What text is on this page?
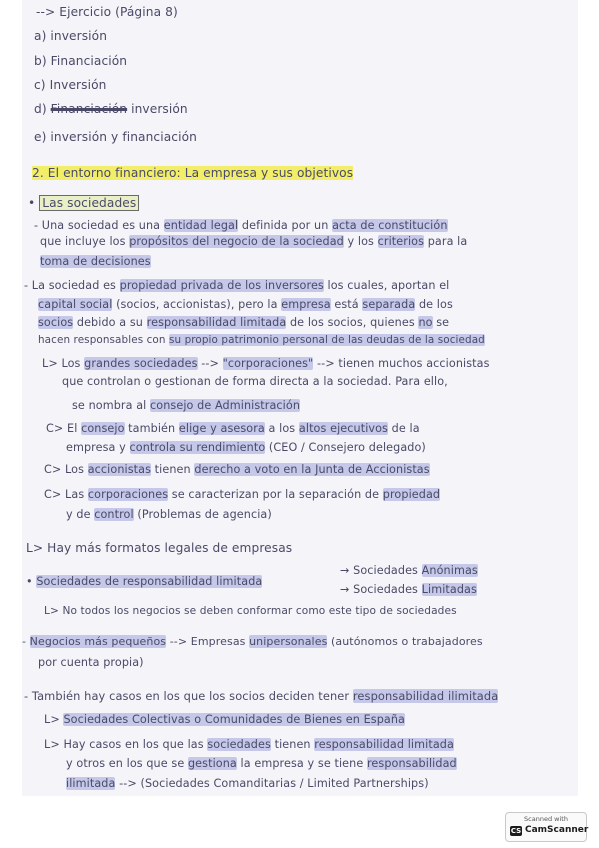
--> Ejercicio (Página 8)
a) inversión
b) Financiación
c) Inversión
d) Financiación inversión
e) inversión y financiación
2. El entorno financiero: La empresa y sus objetivos
• Las sociedades
- Una sociedad es una entidad legal definida por un acta de constitución
que incluye los propósitos del negocio de la sociedad y los criterios para la
toma de decisiones
- La sociedad es propiedad privada de los inversores los cuales, aportan el
capital social (socios, accionistas), pero la empresa está separada de los
socios debido a su responsabilidad limitada de los socios, quienes no se
hacen responsables con su propio patrimonio personal de las deudas de la sociedad
L> Los grandes sociedades --> "corporaciones" --> tienen muchos accionistas
que controlan o gestionan de forma directa a la sociedad. Para ello,
se nombra al consejo de Administración
C> El consejo también elige y asesora a los altos ejecutivos de la
empresa y controla su rendimiento (CEO / Consejero delegado)
C> Los accionistas tienen derecho a voto en la Junta de Accionistas
C> Las corporaciones se caracterizan por la separación de propiedad
y de control (Problemas de agencia)
L> Hay más formatos legales de empresas
• Sociedades de responsabilidad limitada
→ Sociedades Anónimas
→ Sociedades Limitadas
L> No todos los negocios se deben conformar como este tipo de sociedades
- Negocios más pequeños --> Empresas unipersonales (autónomos o trabajadores
por cuenta propia)
- También hay casos en los que los socios deciden tener responsabilidad ilimitada
L> Sociedades Colectivas o Comunidades de Bienes en España
L> Hay casos en los que las sociedades tienen responsabilidad limitada
y otros en los que se gestiona la empresa y se tiene responsabilidad
ilimitada --> (Sociedades Comanditarias / Limited Partnerships)
Scanned with
CS CamScanner
